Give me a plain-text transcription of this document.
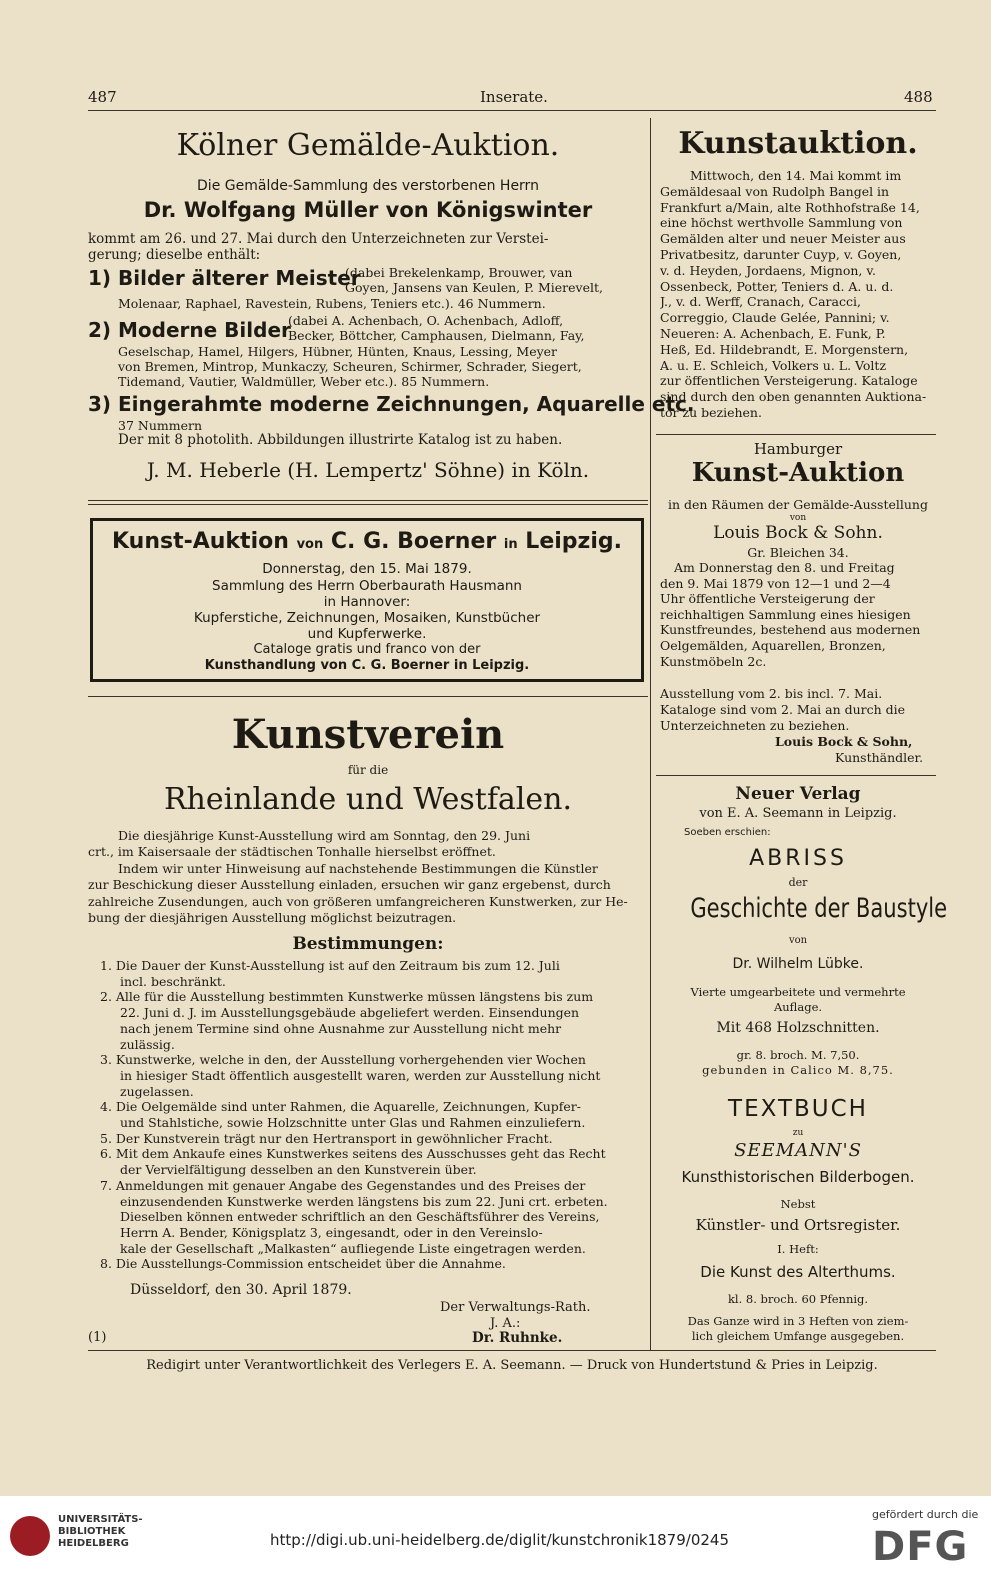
487	Inserate.	488
Kölner Gemälde-Auktion.
Die Gemälde-Sammlung des verstorbenen Herrn
Dr. Wolfgang Müller von Königswinter
kommt am 26. und 27. Mai durch den Unterzeichneten zur Verstei-
gerung; dieselbe enthält:
1) Bilder älterer Meister
(dabei Brekelenkamp, Brouwer, van
Goyen, Jansens van Keulen, P. Mierevelt,
Molenaar, Raphael, Ravestein, Rubens, Teniers etc.). 46 Nummern.
2) Moderne Bilder
(dabei A. Achenbach, O. Achenbach, Adloff,
Becker, Böttcher, Camphausen, Dielmann, Fay,
Geselschap, Hamel, Hilgers, Hübner, Hünten, Knaus, Lessing, Meyer
von Bremen, Mintrop, Munkaczy, Scheuren, Schirmer, Schrader, Siegert,
Tidemand, Vautier, Waldmüller, Weber etc.). 85 Nummern.
3) Eingerahmte moderne Zeichnungen, Aquarelle etc.
37 Nummern
Der mit 8 photolith. Abbildungen illustrirte Katalog ist zu haben.
J. M. Heberle (H. Lempertz' Söhne) in Köln.
Kunst-Auktion von C. G. Boerner in Leipzig.
Donnerstag, den 15. Mai 1879.
Sammlung des Herrn Oberbaurath Hausmann
in Hannover:
Kupferstiche, Zeichnungen, Mosaiken, Kunstbücher
und Kupferwerke.
Cataloge gratis und franco von der
Kunsthandlung von C. G. Boerner in Leipzig.
Kunstverein
für die
Rheinlande und Westfalen.
Die diesjährige Kunst-Ausstellung wird am Sonntag, den 29. Juni
crt., im Kaisersaale der städtischen Tonhalle hierselbst eröffnet.
Indem wir unter Hinweisung auf nachstehende Bestimmungen die Künstler
zur Beschickung dieser Ausstellung einladen, ersuchen wir ganz ergebenst, durch
zahlreiche Zusendungen, auch von größeren umfangreicheren Kunstwerken, zur He-
bung der diesjährigen Ausstellung möglichst beizutragen.
Bestimmungen:
1. Die Dauer der Kunst-Ausstellung ist auf den Zeitraum bis zum 12. Juli
incl. beschränkt.
2. Alle für die Ausstellung bestimmten Kunstwerke müssen längstens bis zum
22. Juni d. J. im Ausstellungsgebäude abgeliefert werden. Einsendungen
nach jenem Termine sind ohne Ausnahme zur Ausstellung nicht mehr
zulässig.
3. Kunstwerke, welche in den, der Ausstellung vorhergehenden vier Wochen
in hiesiger Stadt öffentlich ausgestellt waren, werden zur Ausstellung nicht
zugelassen.
4. Die Oelgemälde sind unter Rahmen, die Aquarelle, Zeichnungen, Kupfer-
und Stahlstiche, sowie Holzschnitte unter Glas und Rahmen einzuliefern.
5. Der Kunstverein trägt nur den Hertransport in gewöhnlicher Fracht.
6. Mit dem Ankaufe eines Kunstwerkes seitens des Ausschusses geht das Recht
der Vervielfältigung desselben an den Kunstverein über.
7. Anmeldungen mit genauer Angabe des Gegenstandes und des Preises der
einzusendenden Kunstwerke werden längstens bis zum 22. Juni crt. erbeten.
Dieselben können entweder schriftlich an den Geschäftsführer des Vereins,
Herrn A. Bender, Königsplatz 3, eingesandt, oder in den Vereinslo-
kale der Gesellschaft „Malkasten“ aufliegende Liste eingetragen werden.
8. Die Ausstellungs-Commission entscheidet über die Annahme.
Düsseldorf, den 30. April 1879.
Der Verwaltungs-Rath.
J. A.:
(1)	Dr. Ruhnke.
Kunstauktion.
Mittwoch, den 14. Mai kommt im
Gemäldesaal von Rudolph Bangel in
Frankfurt a/Main, alte Rothhofstraße 14,
eine höchst werthvolle Sammlung von
Gemälden alter und neuer Meister aus
Privatbesitz, darunter Cuyp, v. Goyen,
v. d. Heyden, Jordaens, Mignon, v.
Ossenbeck, Potter, Teniers d. A. u. d.
J., v. d. Werff, Cranach, Caracci,
Correggio, Claude Gelée, Pannini; v.
Neueren: A. Achenbach, E. Funk, P.
Heß, Ed. Hildebrandt, E. Morgenstern,
A. u. E. Schleich, Volkers u. L. Voltz
zur öffentlichen Versteigerung. Kataloge
sind durch den oben genannten Auktiona-
tor zu beziehen.
Hamburger
Kunst-Auktion
in den Räumen der Gemälde-Ausstellung
von
Louis Bock & Sohn.
Gr. Bleichen 34.
Am Donnerstag den 8. und Freitag
den 9. Mai 1879 von 12—1 und 2—4
Uhr öffentliche Versteigerung der
reichhaltigen Sammlung eines hiesigen
Kunstfreundes, bestehend aus modernen
Oelgemälden, Aquarellen, Bronzen,
Kunstmöbeln 2c.
Ausstellung vom 2. bis incl. 7. Mai.
Kataloge sind vom 2. Mai an durch die
Unterzeichneten zu beziehen.
Louis Bock & Sohn,
Kunsthändler.
Neuer Verlag
von E. A. Seemann in Leipzig.
Soeben erschien:
ABRISS
der
Geschichte der Baustyle
von
Dr. Wilhelm Lübke.
Vierte umgearbeitete und vermehrte
Auflage.
Mit 468 Holzschnitten.
gr. 8. broch. M. 7,50.
gebunden in Calico M. 8,75.
TEXTBUCH
zu
SEEMANN'S
Kunsthistorischen Bilderbogen.
Nebst
Künstler- und Ortsregister.
I. Heft:
Die Kunst des Alterthums.
kl. 8. broch. 60 Pfennig.
Das Ganze wird in 3 Heften von ziem-
lich gleichem Umfange ausgegeben.
Redigirt unter Verantwortlichkeit des Verlegers E. A. Seemann. — Druck von Hundertstund & Pries in Leipzig.
UNIVERSITÄTS-
BIBLIOTHEK
HEIDELBERG	http://digi.ub.uni-heidelberg.de/diglit/kunstchronik1879/0245
gefördert durch die
DFG
